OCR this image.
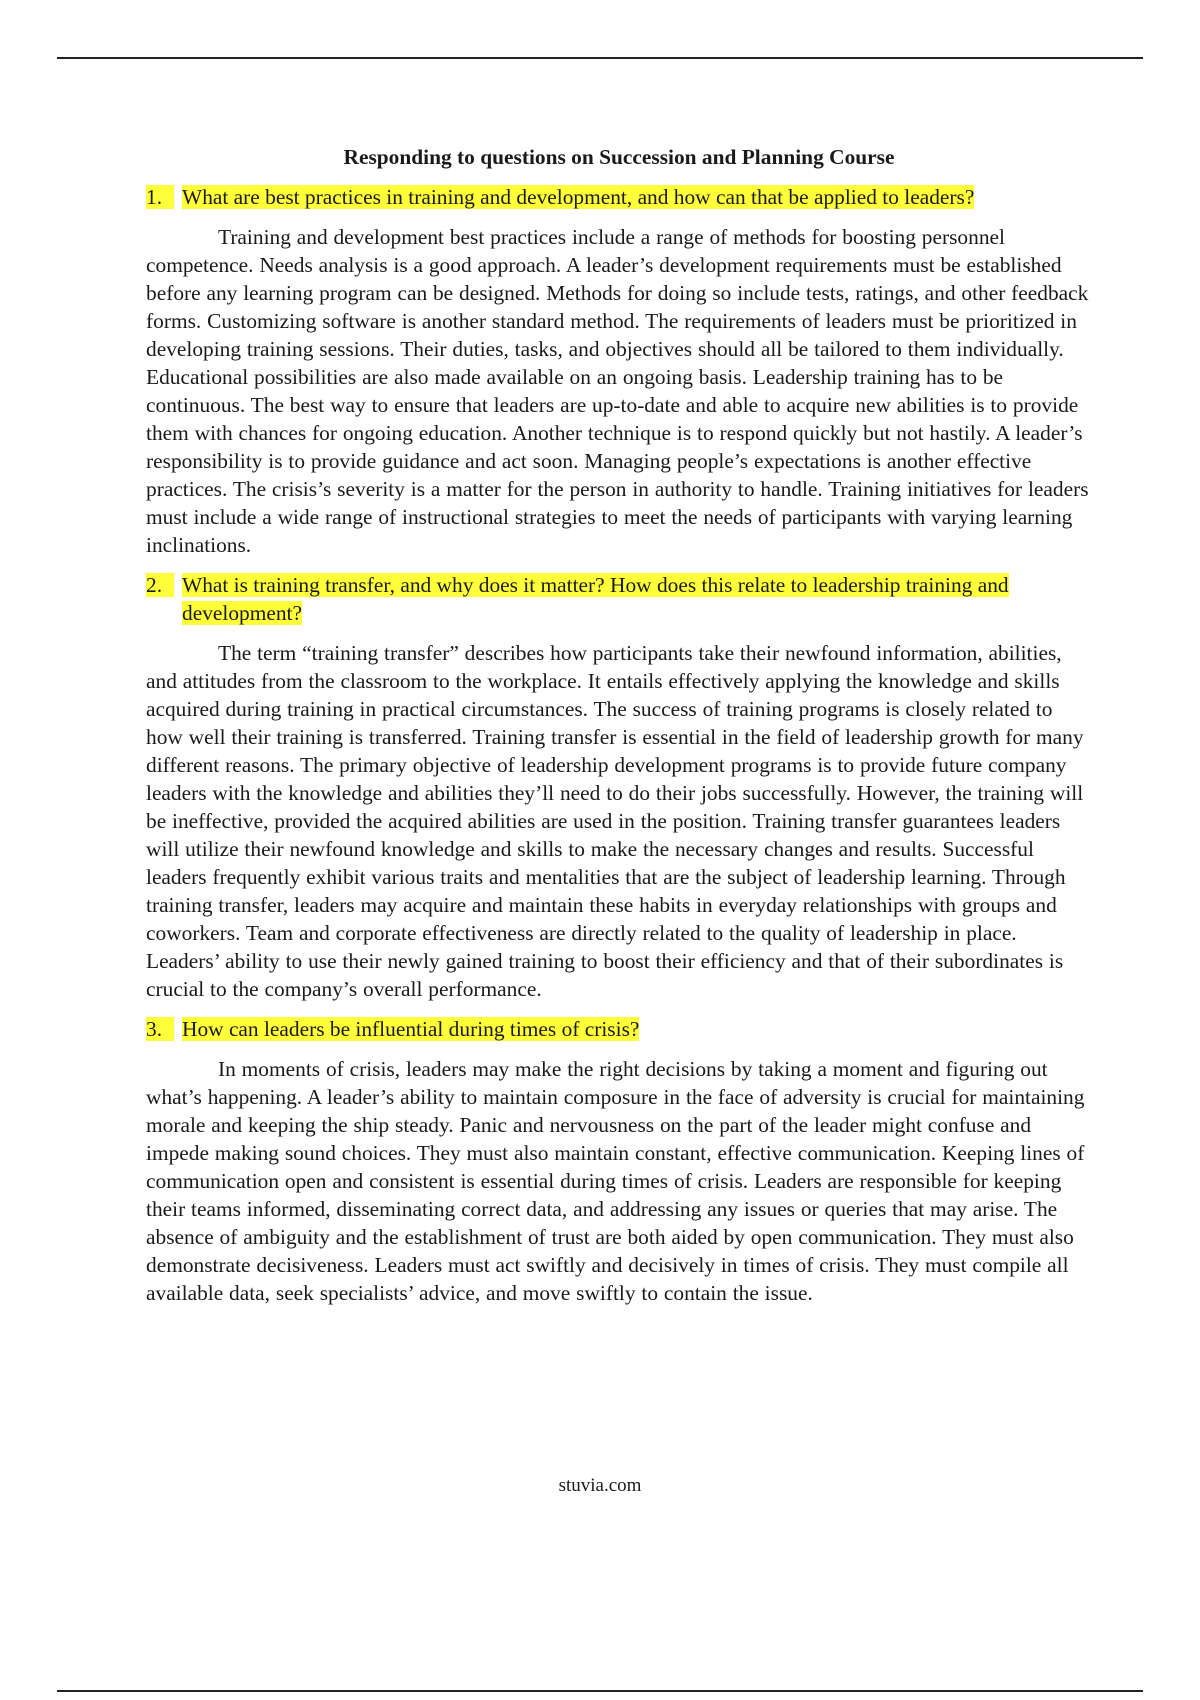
Responding to questions on Succession and Planning Course
1. What are best practices in training and development, and how can that be applied to leaders?

Training and development best practices include a range of methods for boosting personnel competence. Needs analysis is a good approach. A leader’s development requirements must be established before any learning program can be designed. Methods for doing so include tests, ratings, and other feedback forms. Customizing software is another standard method. The requirements of leaders must be prioritized in developing training sessions. Their duties, tasks, and objectives should all be tailored to them individually. Educational possibilities are also made available on an ongoing basis. Leadership training has to be continuous. The best way to ensure that leaders are up-to-date and able to acquire new abilities is to provide them with chances for ongoing education. Another technique is to respond quickly but not hastily. A leader’s responsibility is to provide guidance and act soon. Managing people’s expectations is another effective practices. The crisis’s severity is a matter for the person in authority to handle. Training initiatives for leaders must include a wide range of instructional strategies to meet the needs of participants with varying learning inclinations.

2. What is training transfer, and why does it matter? How does this relate to leadership training and development?

The term “training transfer” describes how participants take their newfound information, abilities, and attitudes from the classroom to the workplace. It entails effectively applying the knowledge and skills acquired during training in practical circumstances. The success of training programs is closely related to how well their training is transferred. Training transfer is essential in the field of leadership growth for many different reasons. The primary objective of leadership development programs is to provide future company leaders with the knowledge and abilities they’ll need to do their jobs successfully. However, the training will be ineffective, provided the acquired abilities are used in the position. Training transfer guarantees leaders will utilize their newfound knowledge and skills to make the necessary changes and results. Successful leaders frequently exhibit various traits and mentalities that are the subject of leadership learning. Through training transfer, leaders may acquire and maintain these habits in everyday relationships with groups and coworkers. Team and corporate effectiveness are directly related to the quality of leadership in place. Leaders’ ability to use their newly gained training to boost their efficiency and that of their subordinates is crucial to the company’s overall performance.

3. How can leaders be influential during times of crisis?

In moments of crisis, leaders may make the right decisions by taking a moment and figuring out what’s happening. A leader’s ability to maintain composure in the face of adversity is crucial for maintaining morale and keeping the ship steady. Panic and nervousness on the part of the leader might confuse and impede making sound choices. They must also maintain constant, effective communication. Keeping lines of communication open and consistent is essential during times of crisis. Leaders are responsible for keeping their teams informed, disseminating correct data, and addressing any issues or queries that may arise. The absence of ambiguity and the establishment of trust are both aided by open communication. They must also demonstrate decisiveness. Leaders must act swiftly and decisively in times of crisis. They must compile all available data, seek specialists’ advice, and move swiftly to contain the issue.

stuvia.com
